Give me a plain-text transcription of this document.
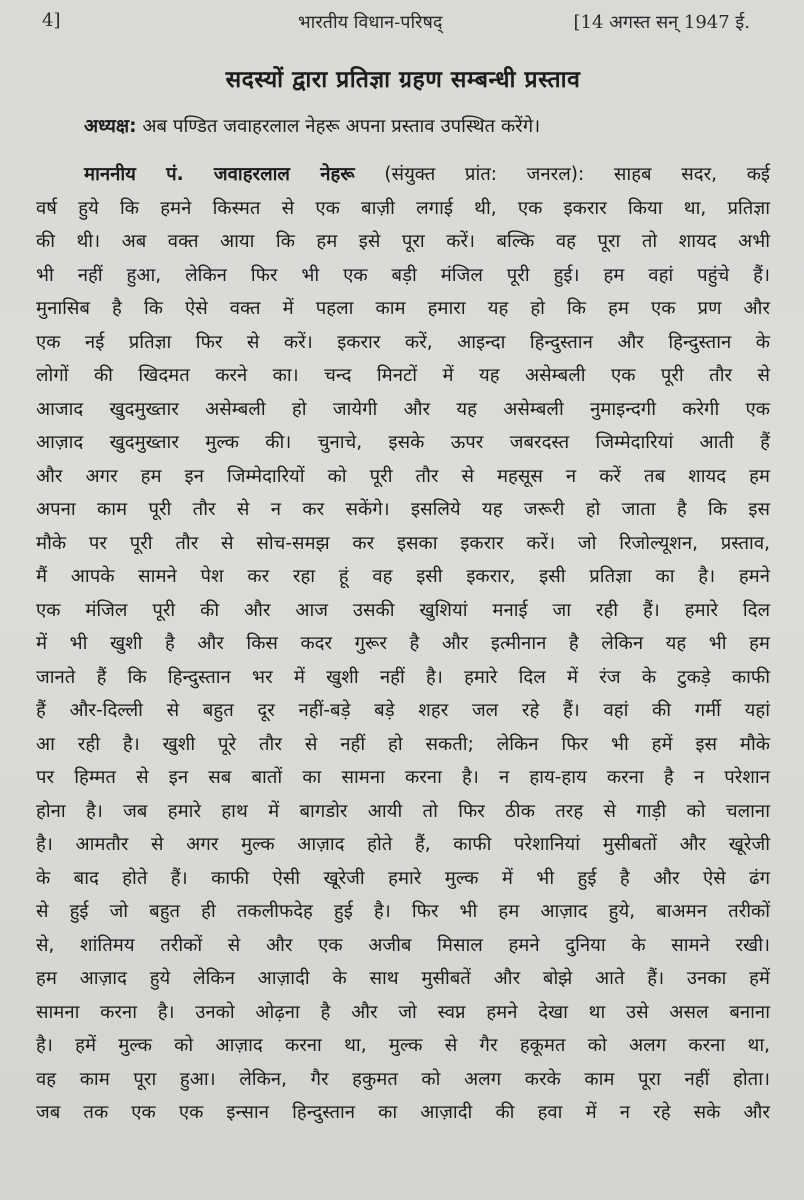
4]	भारतीय विधान-परिषद्	[14 अगस्त सन् 1947 ई.
सदस्यों द्वारा प्रतिज्ञा ग्रहण सम्बन्धी प्रस्ताव
अध्यक्ष: अब पण्डित जवाहरलाल नेहरू अपना प्रस्ताव उपस्थित करेंगे।
माननीय पं. जवाहरलाल नेहरू (संयुक्त प्रांत: जनरल): साहब सदर, कई
वर्ष हुये कि हमने किस्मत से एक बाज़ी लगाई थी, एक इकरार किया था, प्रतिज्ञा
की थी। अब वक्त आया कि हम इसे पूरा करें। बल्कि वह पूरा तो शायद अभी
भी नहीं हुआ, लेकिन फिर भी एक बड़ी मंजिल पूरी हुई। हम वहां पहुंचे हैं।
मुनासिब है कि ऐसे वक्त में पहला काम हमारा यह हो कि हम एक प्रण और
एक नई प्रतिज्ञा फिर से करें। इकरार करें, आइन्दा हिन्दुस्तान और हिन्दुस्तान के
लोगों की खिदमत करने का। चन्द मिनटों में यह असेम्बली एक पूरी तौर से
आजाद खुदमुख्तार असेम्बली हो जायेगी और यह असेम्बली नुमाइन्दगी करेगी एक
आज़ाद खुदमुख्तार मुल्क की। चुनाचे, इसके ऊपर जबरदस्त जिम्मेदारियां आती हैं
और अगर हम इन जिम्मेदारियों को पूरी तौर से महसूस न करें तब शायद हम
अपना काम पूरी तौर से न कर सकेंगे। इसलिये यह जरूरी हो जाता है कि इस
मौके पर पूरी तौर से सोच-समझ कर इसका इकरार करें। जो रिजोल्यूशन, प्रस्ताव,
मैं आपके सामने पेश कर रहा हूं वह इसी इकरार, इसी प्रतिज्ञा का है। हमने
एक मंजिल पूरी की और आज उसकी खुशियां मनाई जा रही हैं। हमारे दिल
में भी खुशी है और किस कदर गुरूर है और इत्मीनान है लेकिन यह भी हम
जानते हैं कि हिन्दुस्तान भर में खुशी नहीं है। हमारे दिल में रंज के टुकड़े काफी
हैं और-दिल्ली से बहुत दूर नहीं-बड़े बड़े शहर जल रहे हैं। वहां की गर्मी यहां
आ रही है। खुशी पूरे तौर से नहीं हो सकती; लेकिन फिर भी हमें इस मौके
पर हिम्मत से इन सब बातों का सामना करना है। न हाय-हाय करना है न परेशान
होना है। जब हमारे हाथ में बागडोर आयी तो फिर ठीक तरह से गाड़ी को चलाना
है। आमतौर से अगर मुल्क आज़ाद होते हैं, काफी परेशानियां मुसीबतों और खूरेजी
के बाद होते हैं। काफी ऐसी खूरेजी हमारे मुल्क में भी हुई है और ऐसे ढंग
से हुई जो बहुत ही तकलीफदेह हुई है। फिर भी हम आज़ाद हुये, बाअमन तरीकों
से, शांतिमय तरीकों से और एक अजीब मिसाल हमने दुनिया के सामने रखी।
हम आज़ाद हुये लेकिन आज़ादी के साथ मुसीबतें और बोझे आते हैं। उनका हमें
सामना करना है। उनको ओढ़ना है और जो स्वप्न हमने देखा था उसे असल बनाना
है। हमें मुल्क को आज़ाद करना था, मुल्क से गैर हकूमत को अलग करना था,
वह काम पूरा हुआ। लेकिन, गैर हकुमत को अलग करके काम पूरा नहीं होता।
जब तक एक एक इन्सान हिन्दुस्तान का आज़ादी की हवा में न रहे सके और
